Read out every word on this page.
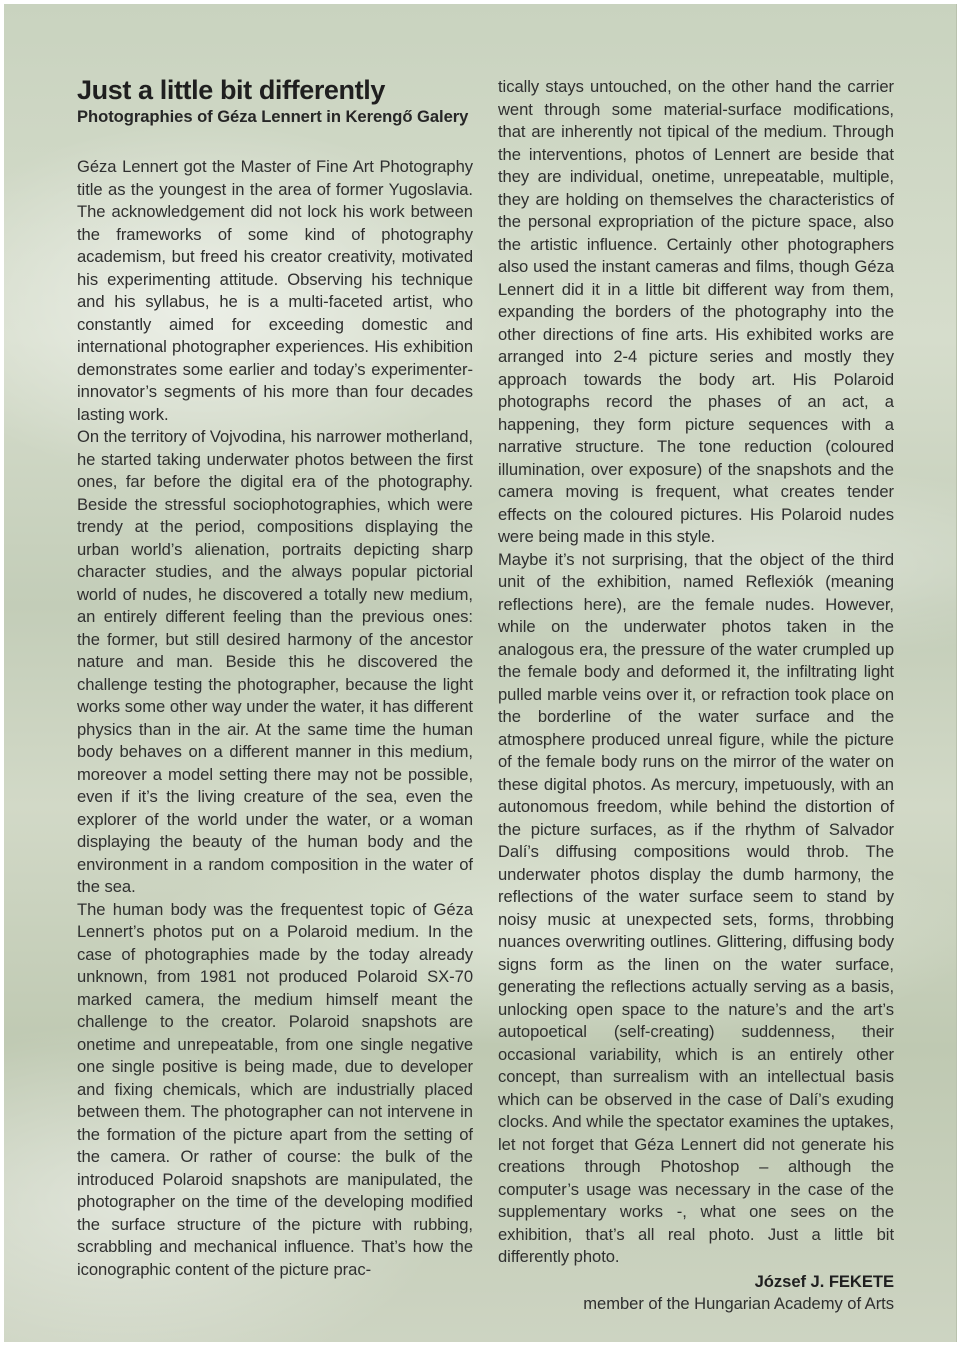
Just a little bit differently
Photographies of Géza Lennert in Kerengő Galery

Géza Lennert got the Master of Fine Art Photography title as the youngest in the area of former Yugoslavia. The acknowledgement did not lock his work between the frameworks of some kind of photography academism, but freed his creator creativity, motivated his experimenting attitude. Observing his technique and his syllabus, he is a multi-faceted artist, who constantly aimed for exceeding domestic and international photographer experiences. His exhibition demonstrates some earlier and today’s experimenter-innovator’s segments of his more than four decades lasting work.

On the territory of Vojvodina, his narrower motherland, he started taking underwater photos between the first ones, far before the digital era of the photography. Beside the stressful sociophotographies, which were trendy at the period, compositions displaying the urban world’s alienation, portraits depicting sharp character studies, and the always popular pictorial world of nudes, he discovered a totally new medium, an entirely different feeling than the previous ones: the former, but still desired harmony of the ancestor nature and man. Beside this he discovered the challenge testing the photographer, because the light works some other way under the water, it has different physics than in the air. At the same time the human body behaves on a different manner in this medium, moreover a model setting there may not be possible, even if it’s the living creature of the sea, even the explorer of the world under the water, or a woman displaying the beauty of the human body and the environment in a random composition in the water of the sea.

The human body was the frequentest topic of Géza Lennert’s photos put on a Polaroid medium. In the case of photographies made by the today already unknown, from 1981 not produced Polaroid SX-70 marked camera, the medium himself meant the challenge to the creator. Polaroid snapshots are onetime and unrepeatable, from one single negative one single positive is being made, due to developer and fixing chemicals, which are industrially placed between them. The photographer can not intervene in the formation of the picture apart from the setting of the camera. Or rather of course: the bulk of the introduced Polaroid snapshots are manipulated, the photographer on the time of the developing modified the surface structure of the picture with rubbing, scrabbling and mechanical influence. That’s how the iconographic content of the picture prac-

tically stays untouched, on the other hand the carrier went through some material-surface modifications, that are inherently not tipical of the medium. Through the interventions, photos of Lennert are beside that they are individual, onetime, unrepeatable, multiple, they are holding on themselves the characteristics of the personal expropriation of the picture space, also the artistic influence. Certainly other photographers also used the instant cameras and films, though Géza Lennert did it in a little bit different way from them, expanding the borders of the photography into the other directions of fine arts. His exhibited works are arranged into 2-4 picture series and mostly they approach towards the body art. His Polaroid photographs record the phases of an act, a happening, they form picture sequences with a narrative structure. The tone reduction (coloured illumination, over exposure) of the snapshots and the camera moving is frequent, what creates tender effects on the coloured pictures. His Polaroid nudes were being made in this style.

Maybe it’s not surprising, that the object of the third unit of the exhibition, named Reflexiók (meaning reflections here), are the female nudes. However, while on the underwater photos taken in the analogous era, the pressure of the water crumpled up the female body and deformed it, the infiltrating light pulled marble veins over it, or refraction took place on the borderline of the water surface and the atmosphere produced unreal figure, while the picture of the female body runs on the mirror of the water on these digital photos. As mercury, impetuously, with an autonomous freedom, while behind the distortion of the picture surfaces, as if the rhythm of Salvador Dalí’s diffusing compositions would throb. The underwater photos display the dumb harmony, the reflections of the water surface seem to stand by noisy music at unexpected sets, forms, throbbing nuances overwriting outlines. Glittering, diffusing body signs form as the linen on the water surface, generating the reflections actually serving as a basis, unlocking open space to the nature’s and the art’s autopoetical (self-creating) suddenness, their occasional variability, which is an entirely other concept, than surrealism with an intellectual basis which can be observed in the case of Dalí’s exuding clocks. And while the spectator examines the uptakes, let not forget that Géza Lennert did not generate his creations through Photoshop – although the computer’s usage was necessary in the case of the supplementary works -, what one sees on the exhibition, that’s all real photo. Just a little bit differently photo.

József J. FEKETE

member of the Hungarian Academy of Arts
